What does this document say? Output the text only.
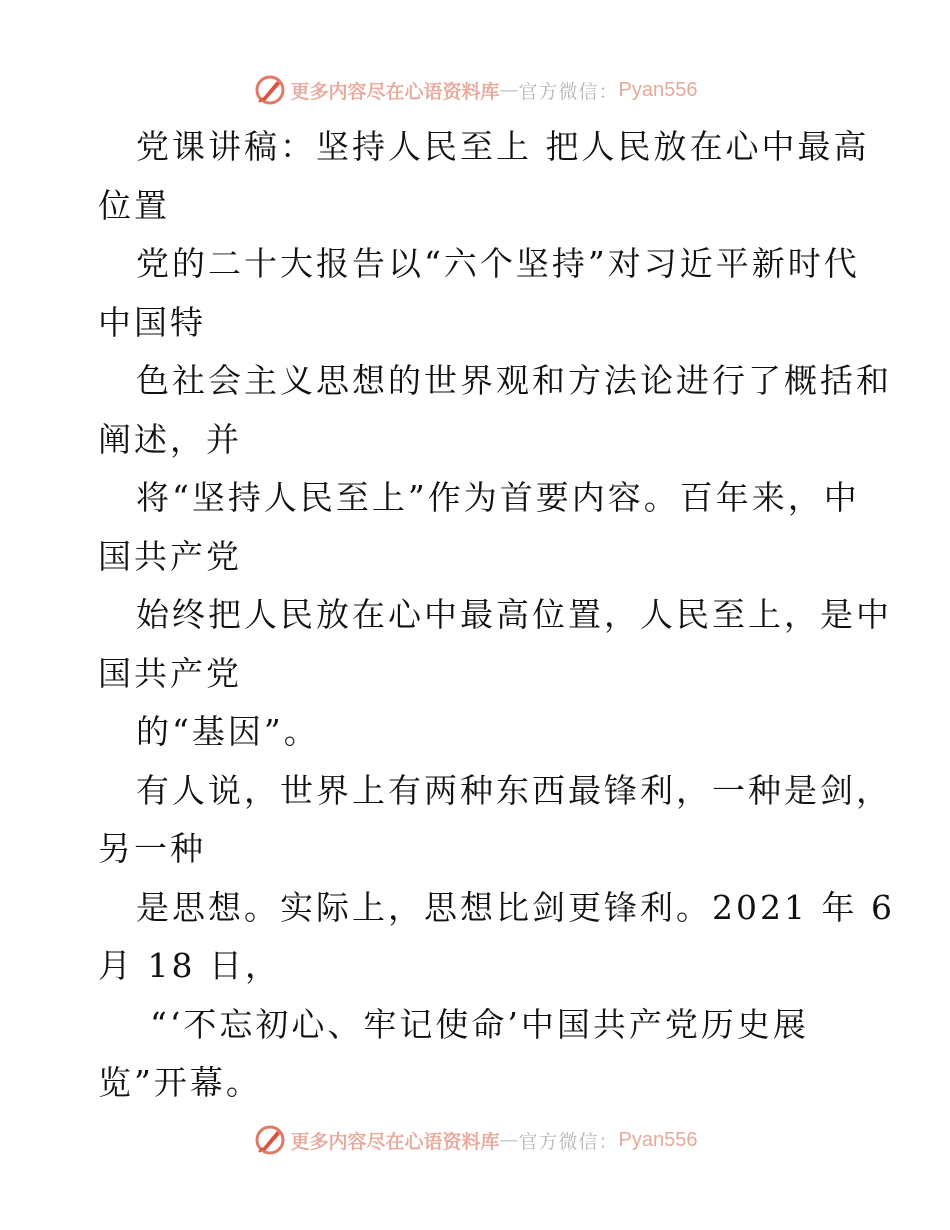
更多内容尽在心语资料库 — 官方微信： Pyan556
党课讲稿：坚持人民至上 把人民放在心中最高
位置
党的二十大报告以“六个坚持”对习近平新时代
中国特
色社会主义思想的世界观和方法论进行了概括和
阐述，并
将“坚持人民至上”作为首要内容。百年来，中
国共产党
始终把人民放在心中最高位置，人民至上，是中
国共产党
的“基因”。
有人说，世界上有两种东西最锋利，一种是剑，
另一种
是思想。实际上，思想比剑更锋利。2021 年 6
月 18 日，
“‘不忘初心、牢记使命’中国共产党历史展
览”开幕。
更多内容尽在心语资料库 — 官方微信： Pyan556
